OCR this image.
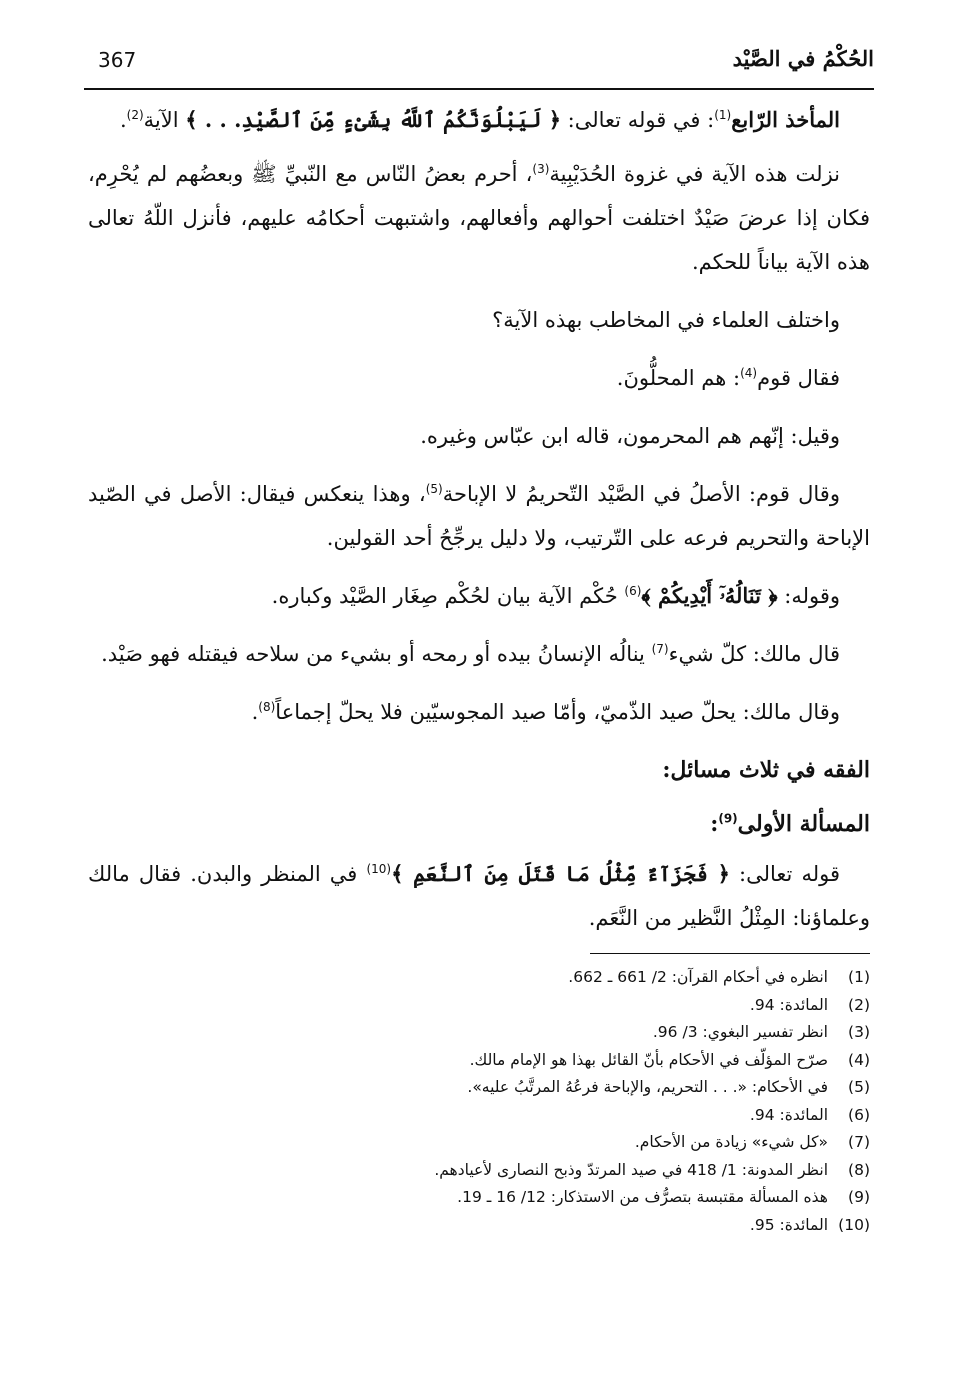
367	الحُكْمُ في الصَّيْد

المأخذ الرّابع$^{(1)}$: في قوله تعالى: ﴿ لَيَبْلُوَنَّكُمُ ٱللَّهُ بِشَىْءٍ مِّنَ ٱلصَّيْدِ. . . ﴾ الآية$^{(2)}$.

نزلت هذه الآية في غزوة الحُدَيْبِية$^{(3)}$، أحرم بعضُ النّاس مع النّبيِّ ﷺ وبعضُهم لم يُحْرِم، فكان إذا عرضَ صَيْدٌ اختلفت أحوالهم وأفعالهم، واشتبهت أحكامُه عليهم، فأنزل اللّهُ تعالى هذه الآية بياناً للحكم.

واختلف العلماء في المخاطب بهذه الآية؟

فقال قوم$^{(4)}$: هم المحلُّونَ.

وقيل: إنّهم هم المحرمون، قاله ابن عبّاس وغيره.

وقال قوم: الأصلُ في الصَّيْد التّحريمُ لا الإباحة$^{(5)}$، وهذا ينعكس فيقال: الأصل في الصّيد الإباحة والتحريم فرعه على التّرتيب، ولا دليل يرجِّحُ أحد القولين.

وقوله: ﴿ تَنَالُهُۥٓ أَيْدِيكُمْ ﴾$^{(6)}$ حُكْم الآية بيان لحُكْم صِغَار الصَّيْد وكباره.

قال مالك: كلّ شيء$^{(7)}$ ينالُه الإنسانُ بيده أو رمحه أو بشيء من سلاحه فيقتله فهو صَيْد.

وقال مالك: يحلّ صيد الذّميّ، وأمّا صيد المجوسيّين فلا يحلّ إجماعاً$^{(8)}$.

الفقه في ثلاث مسائل:
المسألة الأولى$^{(9)}$:

قوله تعالى: ﴿ فَجَزَآءٌ مِّثْلُ مَا قَتَلَ مِنَ ٱلنَّعَمِ ﴾$^{(10)}$ في المنظر والبدن. فقال مالك وعلماؤنا: المِثْلُ النَّظير من النَّعَم.

(1)
انظره في أحكام القرآن: 2/ 661 ـ 662.
(2)
المائدة: 94.
(3)
انظر تفسير البغوي: 3/ 96.
(4)
صرّح المؤلّف في الأحكام بأنّ القائل بهذا هو الإمام مالك.
(5)
في الأحكام: «. . . التحريم، والإباحة فرعُهُ المرتَّبُ عليه».
(6)
المائدة: 94.
(7)
«كل شيء» زيادة من الأحكام.
(8)
انظر المدونة: 1/ 418 في صيد المرتدّ وذبح النصارى لأعيادهم.
(9)
هذه المسألة مقتبسة بتصرُّف من الاستذكار: 12/ 16 ـ 19.
(10)
المائدة: 95.
